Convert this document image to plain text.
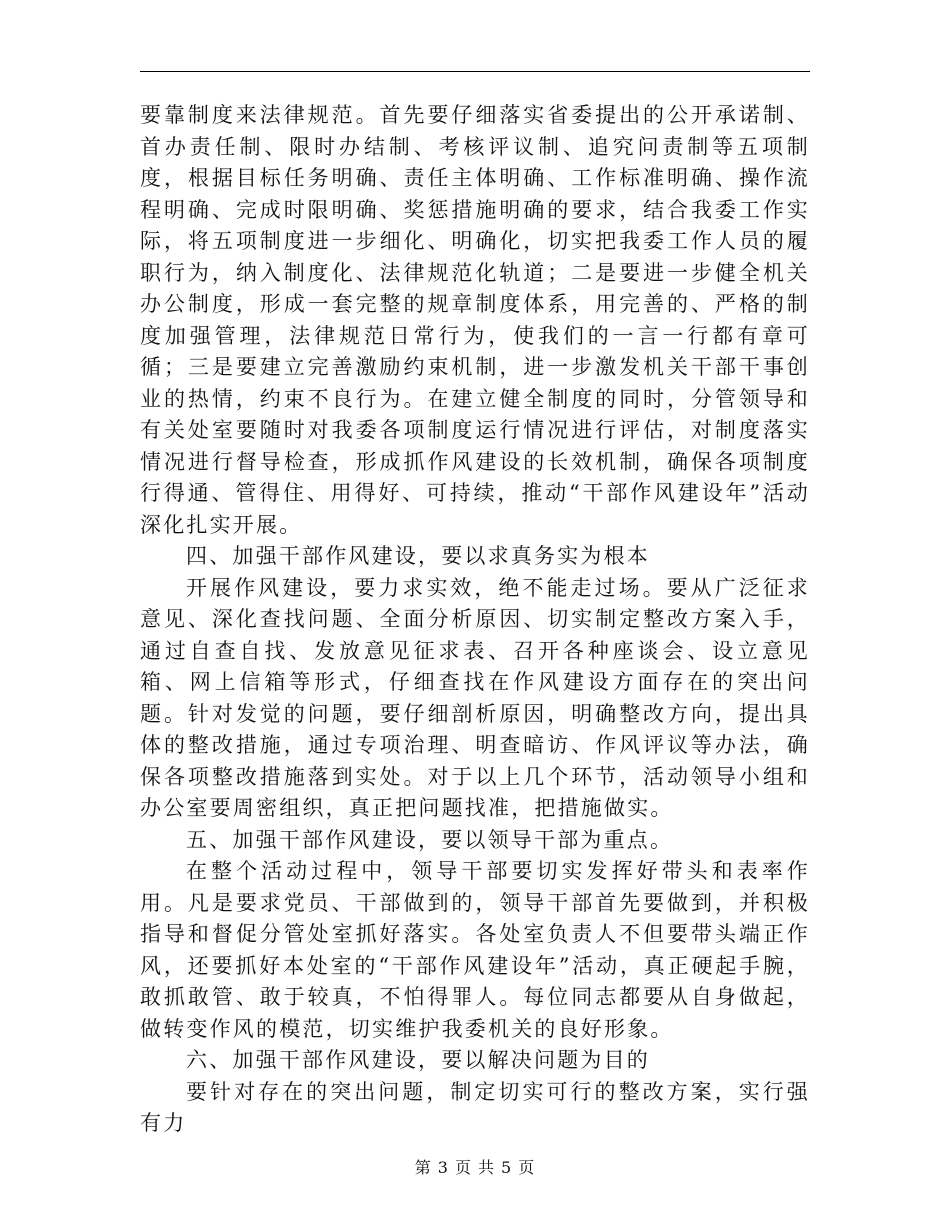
要靠制度来法律规范。首先要仔细落实省委提出的公开承诺制、首办责任制、限时办结制、考核评议制、追究问责制等五项制度，根据目标任务明确、责任主体明确、工作标准明确、操作流程明确、完成时限明确、奖惩措施明确的要求，结合我委工作实际，将五项制度进一步细化、明确化，切实把我委工作人员的履职行为，纳入制度化、法律规范化轨道；二是要进一步健全机关办公制度，形成一套完整的规章制度体系，用完善的、严格的制度加强管理，法律规范日常行为，使我们的一言一行都有章可循；三是要建立完善激励约束机制，进一步激发机关干部干事创业的热情，约束不良行为。在建立健全制度的同时，分管领导和有关处室要随时对我委各项制度运行情况进行评估，对制度落实情况进行督导检查，形成抓作风建设的长效机制，确保各项制度行得通、管得住、用得好、可持续，推动“干部作风建设年”活动深化扎实开展。

四、加强干部作风建设，要以求真务实为根本

开展作风建设，要力求实效，绝不能走过场。要从广泛征求意见、深化查找问题、全面分析原因、切实制定整改方案入手，通过自查自找、发放意见征求表、召开各种座谈会、设立意见箱、网上信箱等形式，仔细查找在作风建设方面存在的突出问题。针对发觉的问题，要仔细剖析原因，明确整改方向，提出具体的整改措施，通过专项治理、明查暗访、作风评议等办法，确保各项整改措施落到实处。对于以上几个环节，活动领导小组和办公室要周密组织，真正把问题找准，把措施做实。

五、加强干部作风建设，要以领导干部为重点。

在整个活动过程中，领导干部要切实发挥好带头和表率作用。凡是要求党员、干部做到的，领导干部首先要做到，并积极指导和督促分管处室抓好落实。各处室负责人不但要带头端正作风，还要抓好本处室的“干部作风建设年”活动，真正硬起手腕，敢抓敢管、敢于较真，不怕得罪人。每位同志都要从自身做起，做转变作风的模范，切实维护我委机关的良好形象。

六、加强干部作风建设，要以解决问题为目的

要针对存在的突出问题，制定切实可行的整改方案，实行强有力

第 3 页 共 5 页
